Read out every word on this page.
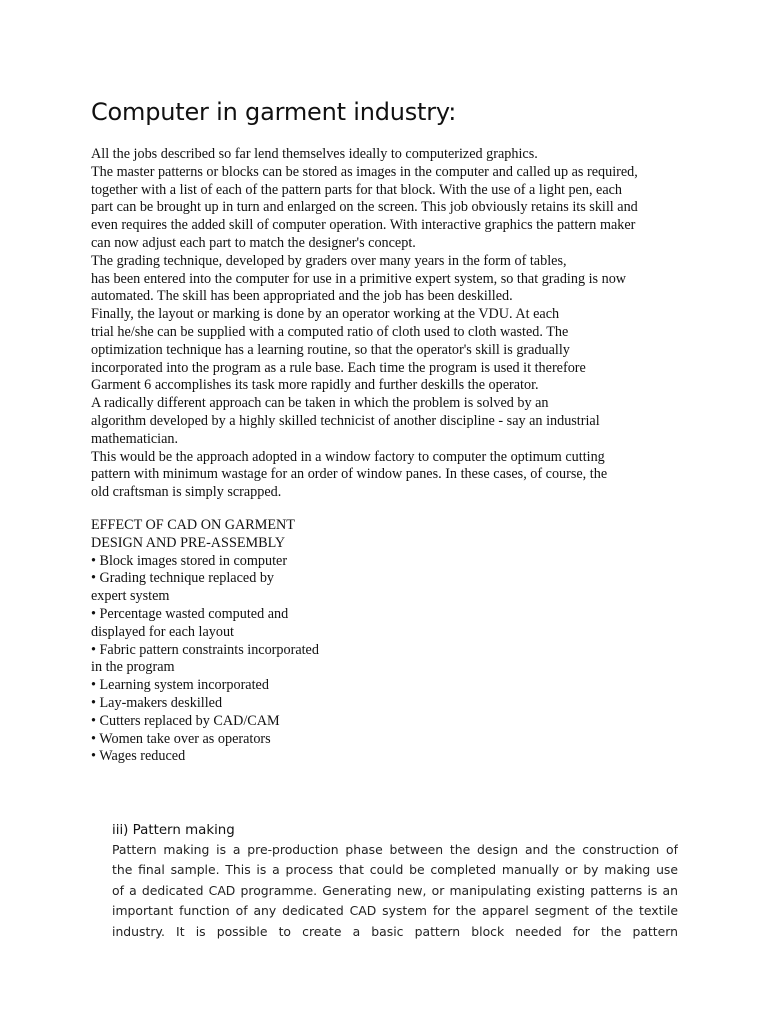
Computer in garment industry:
All the jobs described so far lend themselves ideally to computerized graphics.
The master patterns or blocks can be stored as images in the computer and called up as required,
together with a list of each of the pattern parts for that block. With the use of a light pen, each
part can be brought up in turn and enlarged on the screen. This job obviously retains its skill and
even requires the added skill of computer operation. With interactive graphics the pattern maker
can now adjust each part to match the designer's concept.
The grading technique, developed by graders over many years in the form of tables,
has been entered into the computer for use in a primitive expert system, so that grading is now
automated. The skill has been appropriated and the job has been deskilled.
Finally, the layout or marking is done by an operator working at the VDU. At each
trial he/she can be supplied with a computed ratio of cloth used to cloth wasted. The
optimization technique has a learning routine, so that the operator's skill is gradually
incorporated into the program as a rule base. Each time the program is used it therefore
Garment 6 accomplishes its task more rapidly and further deskills the operator.
A radically different approach can be taken in which the problem is solved by an
algorithm developed by a highly skilled technicist of another discipline - say an industrial
mathematician.
This would be the approach adopted in a window factory to computer the optimum cutting
pattern with minimum wastage for an order of window panes. In these cases, of course, the
old craftsman is simply scrapped.
EFFECT OF CAD ON GARMENT
DESIGN AND PRE-ASSEMBLY
• Block images stored in computer
• Grading technique replaced by
expert system
• Percentage wasted computed and
displayed for each layout
• Fabric pattern constraints incorporated
in the program
• Learning system incorporated
• Lay-makers deskilled
• Cutters replaced by CAD/CAM
• Women take over as operators
• Wages reduced
iii) Pattern making
Pattern making is a pre-production phase between the design and the construction of
the final sample. This is a process that could be completed manually or by making use
of a dedicated CAD programme. Generating new, or manipulating existing patterns is an
important function of any dedicated CAD system for the apparel segment of the textile
industry. It is possible to create a basic pattern block needed for the pattern
